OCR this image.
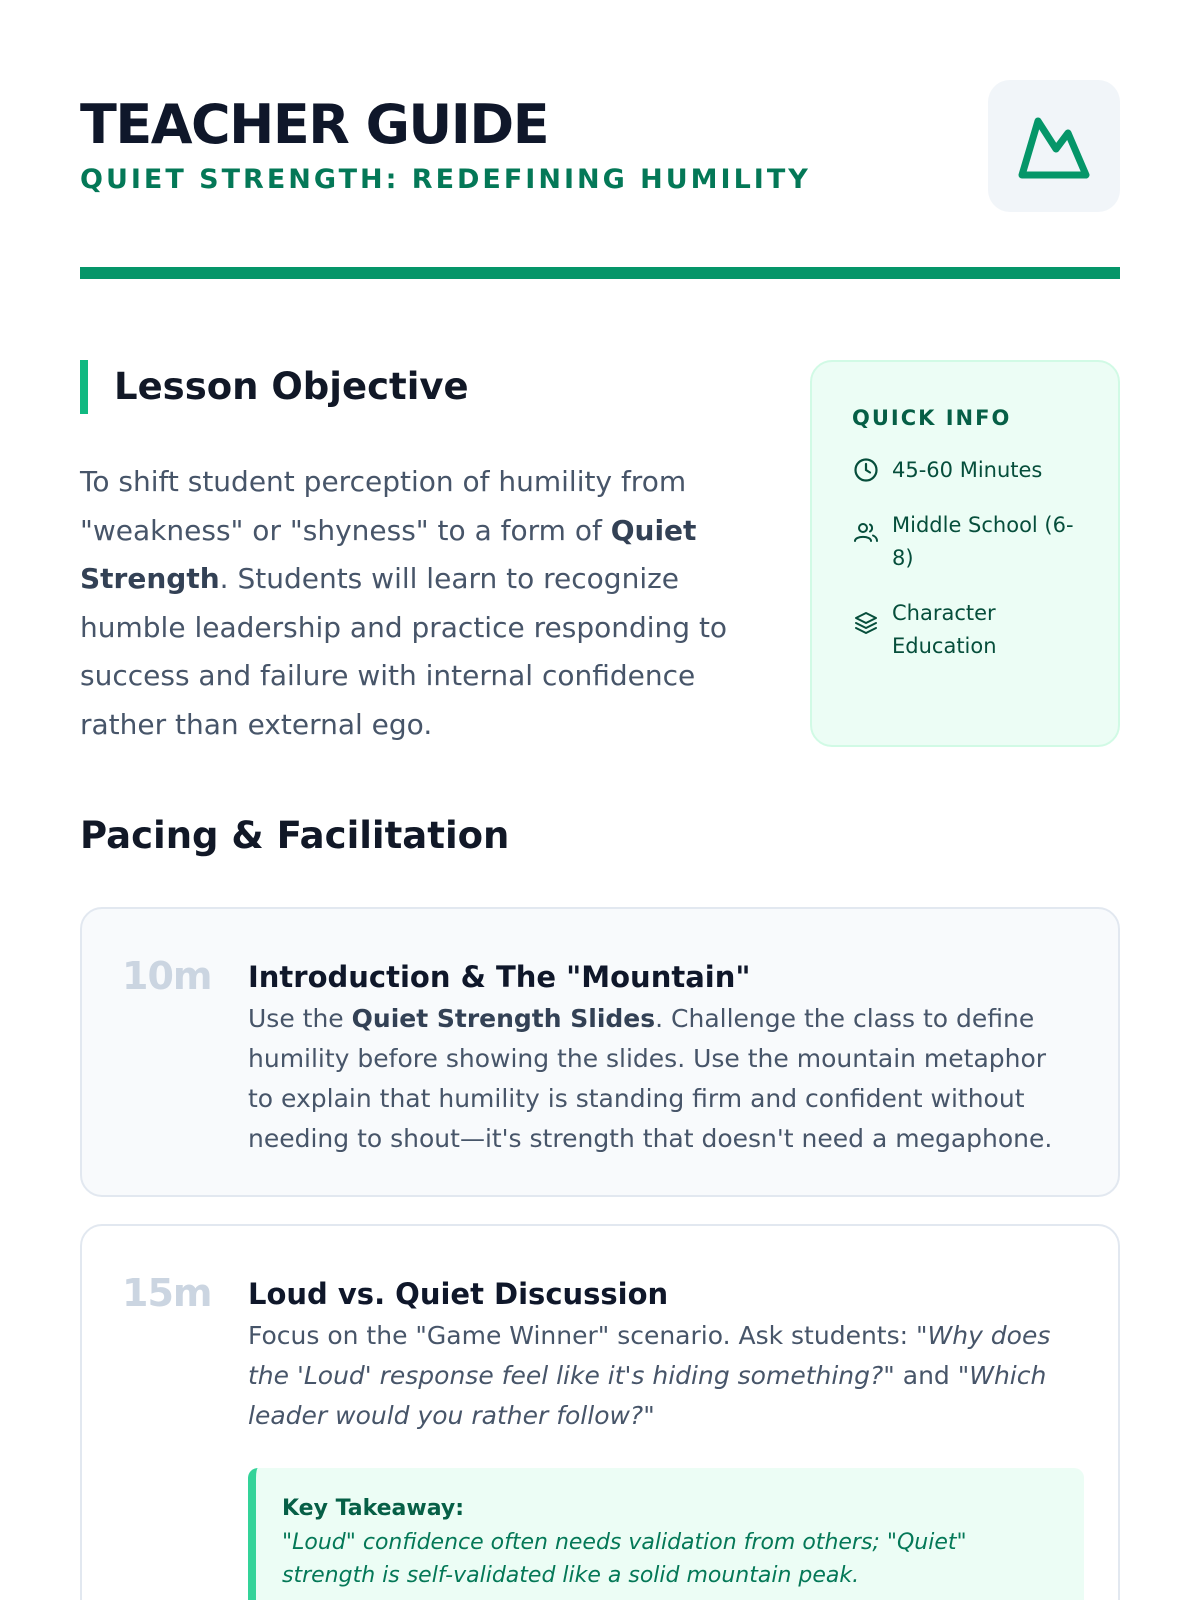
TEACHER GUIDE
QUIET STRENGTH: REDEFINING HUMILITY
Lesson Objective

To shift student perception of humility from "weakness" or "shyness" to a form of Quiet Strength. Students will learn to recognize humble leadership and practice responding to success and failure with internal confidence rather than external ego.

QUICK INFO
45-60 Minutes
Middle School (6-8)
Character Education
Pacing & Facilitation
10m Introduction & The "Mountain"

Use the Quiet Strength Slides. Challenge the class to define humility before showing the slides. Use the mountain metaphor to explain that humility is standing firm and confident without needing to shout—it's strength that doesn't need a megaphone.

15m Loud vs. Quiet Discussion

Focus on the "Game Winner" scenario. Ask students: "Why does the 'Loud' response feel like it's hiding something?" and "Which leader would you rather follow?"

Key Takeaway:
"Loud" confidence often needs validation from others; "Quiet" strength is self-validated like a solid mountain peak.
